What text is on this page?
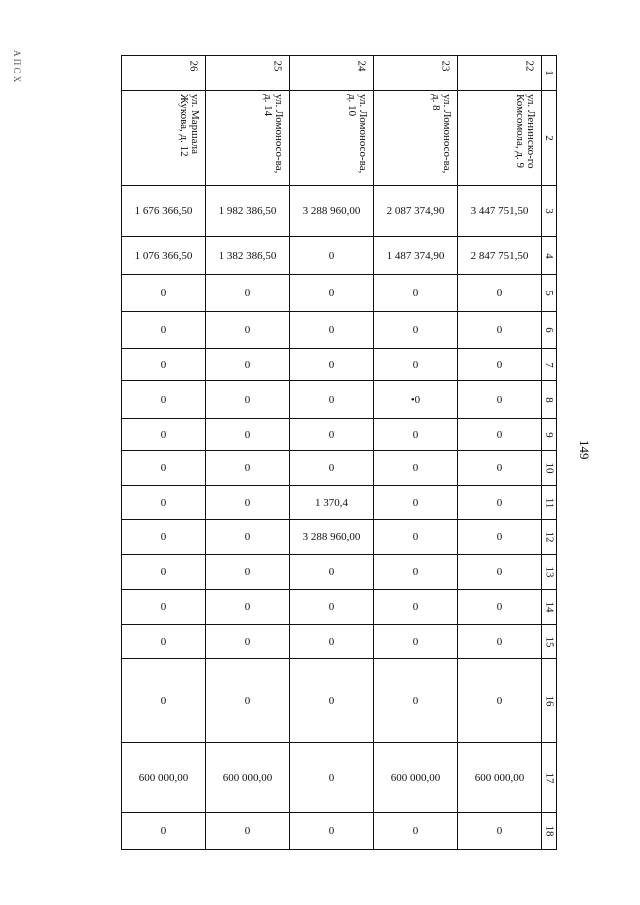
А П С Х
149
26	25	24	23	22	1

ул. Маршала Жукова, д. 12	ул. Ломоносо-ва, д. 14	ул. Ломоносо-ва, д. 10	ул. Ломоносо-ва, д. 8	ул. Ленинско-го Комсомола, д. 9	2
1 676 366,50	1 982 386,50	3 288 960,00	2 087 374,90	3 447 751,50	3
1 076 366,50	1 382 386,50	0	1 487 374,90	2 847 751,50	4
0	0	0	0	0	5
0	0	0	0	0	6
0	0	0	0	0	7
0	0	0	•0	0	8
0	0	0	0	0	9
0	0	0	0	0	10
0	0	1 370,4	0	0	11
0	0	3 288 960,00	0	0	12
0	0	0	0	0	13
0	0	0	0	0	14
0	0	0	0	0	15
0	0	0	0	0	16
600 000,00	600 000,00	0	600 000,00	600 000,00	17
0	0	0	0	0	18
